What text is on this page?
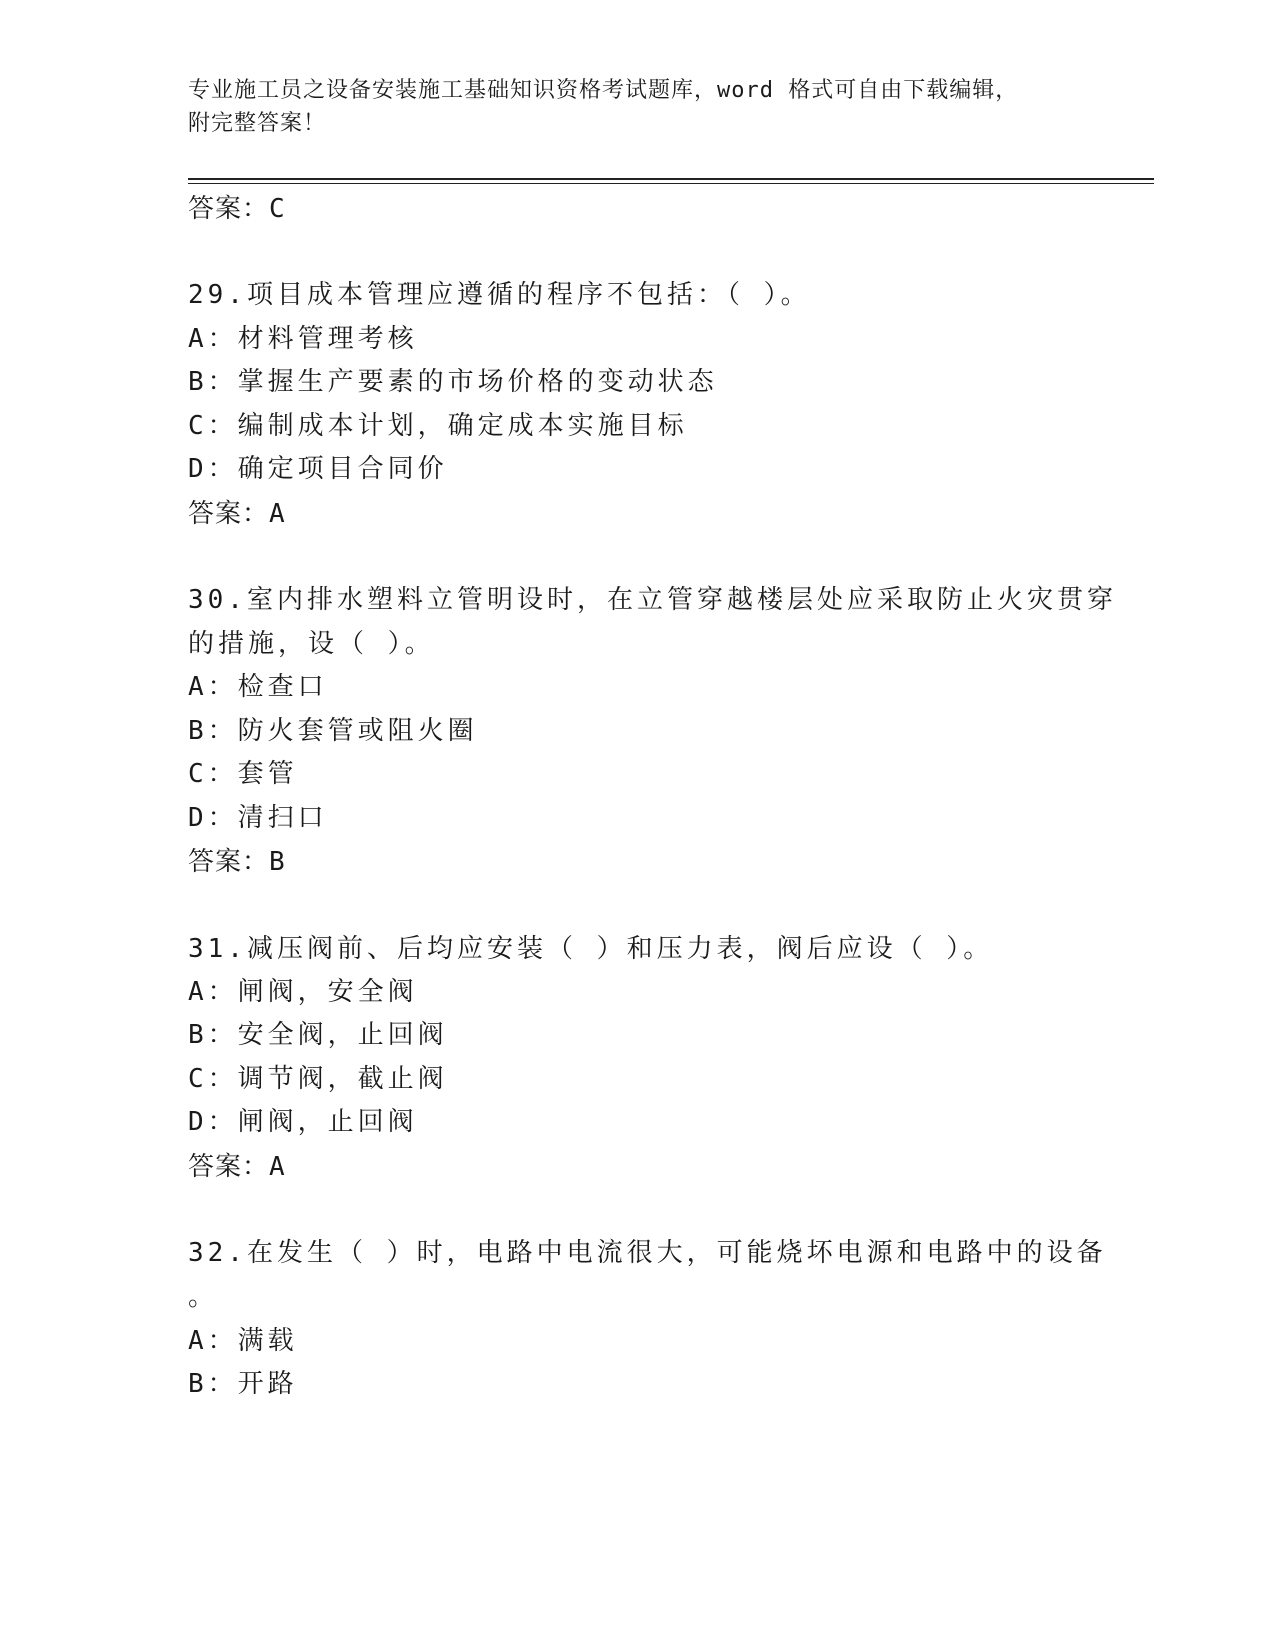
专业施工员之设备安装施工基础知识资格考试题库，word 格式可自由下载编辑，
附完整答案！
答案：C
29.项目成本管理应遵循的程序不包括：（ ）。
A：材料管理考核
B：掌握生产要素的市场价格的变动状态
C：编制成本计划，确定成本实施目标
D：确定项目合同价
答案：A
30.室内排水塑料立管明设时，在立管穿越楼层处应采取防止火灾贯穿
的措施，设（ ）。
A：检查口
B：防火套管或阻火圈
C：套管
D：清扫口
答案：B
31.减压阀前、后均应安装（ ）和压力表，阀后应设（ ）。
A：闸阀，安全阀
B：安全阀，止回阀
C：调节阀，截止阀
D：闸阀，止回阀
答案：A
32.在发生（ ）时，电路中电流很大，可能烧坏电源和电路中的设备
。
A：满载
B：开路
